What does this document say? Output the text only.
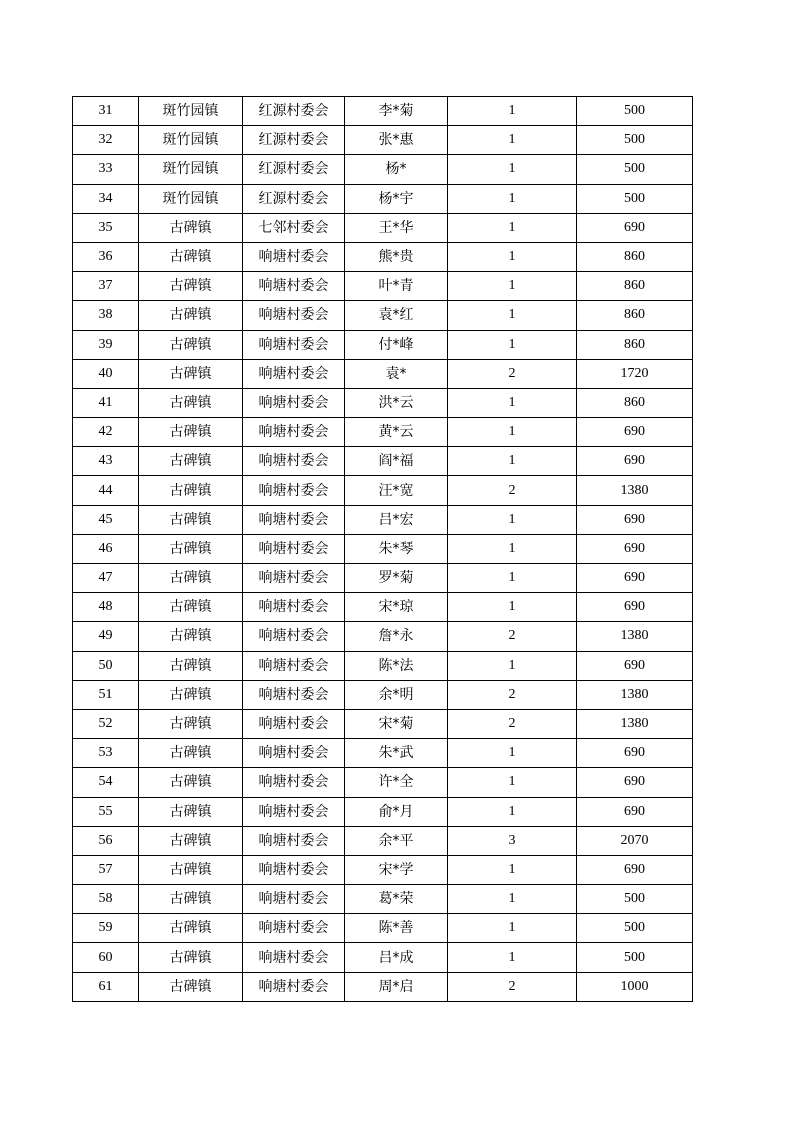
31	斑竹园镇	红源村委会	李*菊	1	500
32	斑竹园镇	红源村委会	张*惠	1	500
33	斑竹园镇	红源村委会	杨*	1	500
34	斑竹园镇	红源村委会	杨*宇	1	500
35	古碑镇	七邻村委会	王*华	1	690
36	古碑镇	响塘村委会	熊*贵	1	860
37	古碑镇	响塘村委会	叶*青	1	860
38	古碑镇	响塘村委会	袁*红	1	860
39	古碑镇	响塘村委会	付*峰	1	860
40	古碑镇	响塘村委会	袁*	2	1720
41	古碑镇	响塘村委会	洪*云	1	860
42	古碑镇	响塘村委会	黄*云	1	690
43	古碑镇	响塘村委会	阎*福	1	690
44	古碑镇	响塘村委会	汪*宽	2	1380
45	古碑镇	响塘村委会	吕*宏	1	690
46	古碑镇	响塘村委会	朱*琴	1	690
47	古碑镇	响塘村委会	罗*菊	1	690
48	古碑镇	响塘村委会	宋*琼	1	690
49	古碑镇	响塘村委会	詹*永	2	1380
50	古碑镇	响塘村委会	陈*法	1	690
51	古碑镇	响塘村委会	余*明	2	1380
52	古碑镇	响塘村委会	宋*菊	2	1380
53	古碑镇	响塘村委会	朱*武	1	690
54	古碑镇	响塘村委会	许*全	1	690
55	古碑镇	响塘村委会	俞*月	1	690
56	古碑镇	响塘村委会	余*平	3	2070
57	古碑镇	响塘村委会	宋*学	1	690
58	古碑镇	响塘村委会	葛*荣	1	500
59	古碑镇	响塘村委会	陈*善	1	500
60	古碑镇	响塘村委会	吕*成	1	500
61	古碑镇	响塘村委会	周*启	2	1000
